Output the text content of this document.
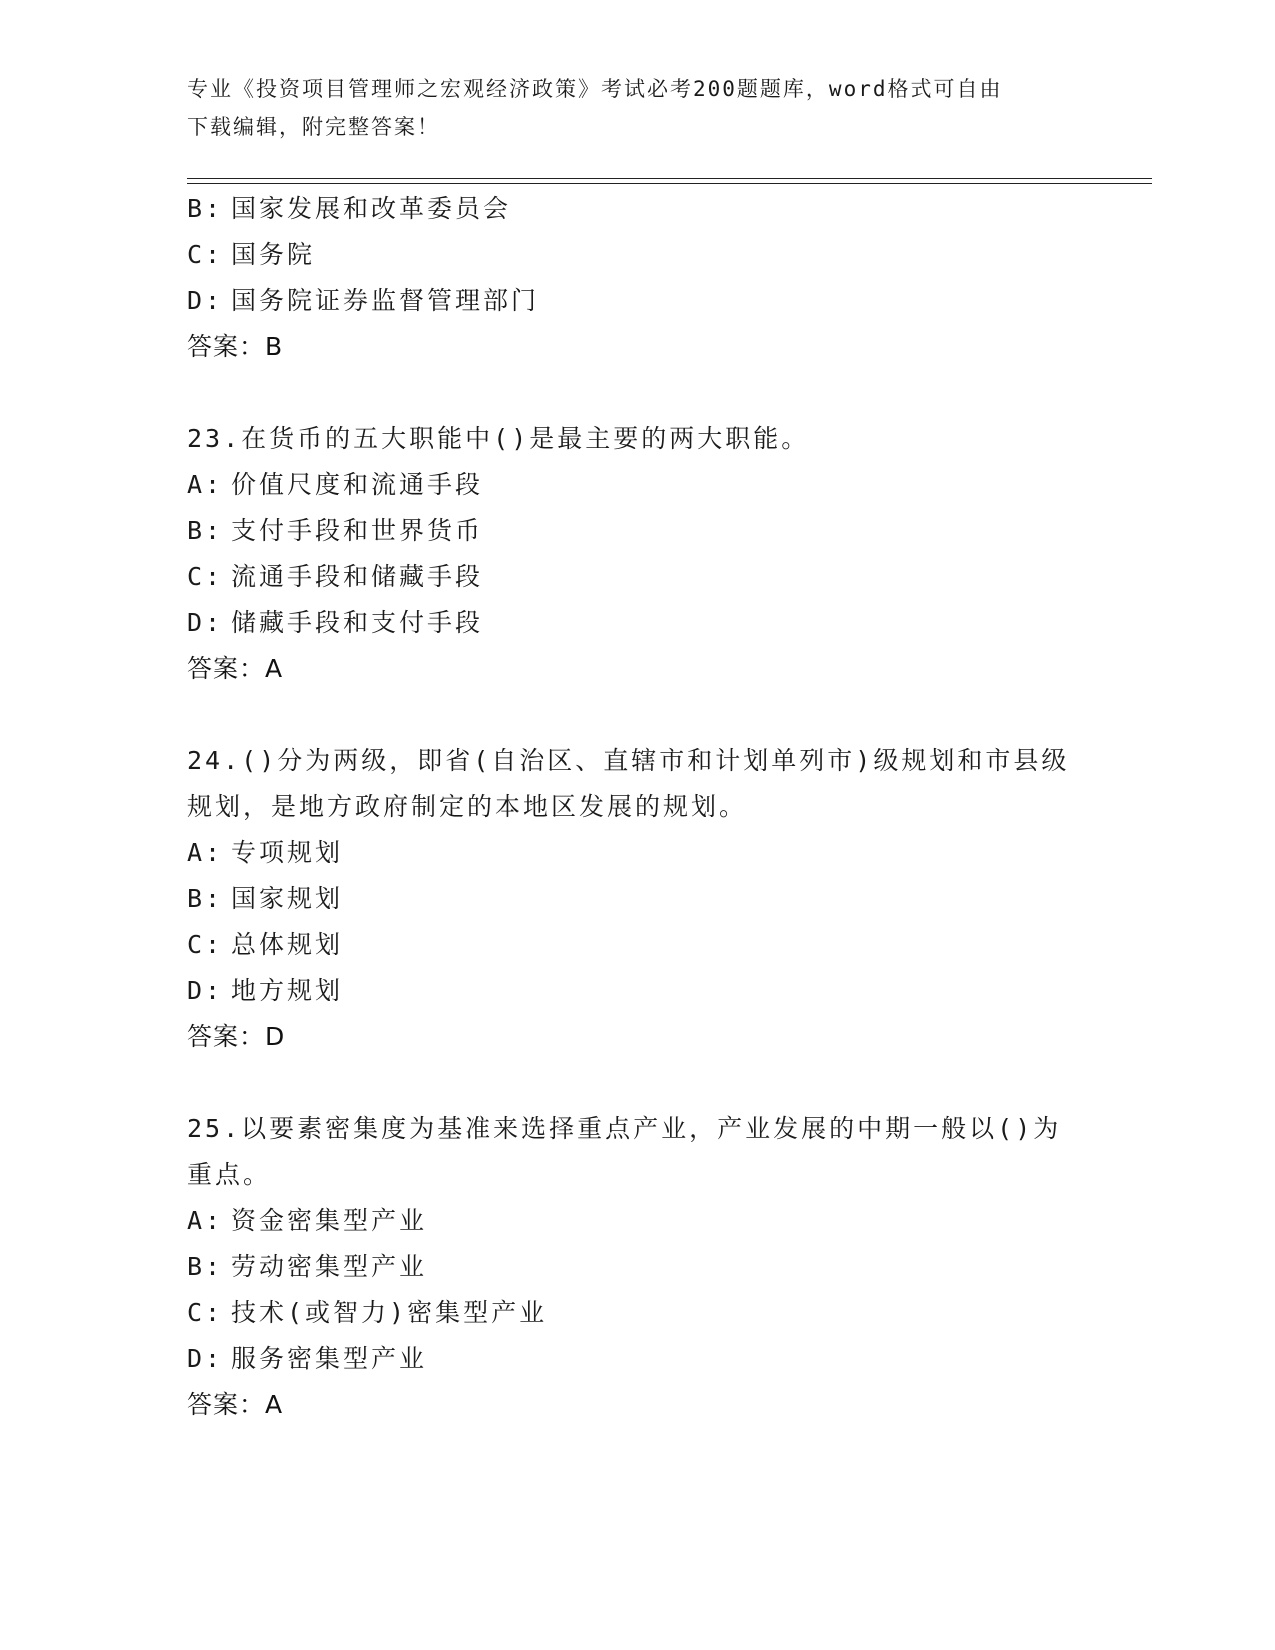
专业《投资项目管理师之宏观经济政策》考试必考200题题库，word格式可自由
下载编辑，附完整答案！
B: 国家发展和改革委员会
C: 国务院
D: 国务院证券监督管理部门
答案：B
23.在货币的五大职能中()是最主要的两大职能。
A: 价值尺度和流通手段
B: 支付手段和世界货币
C: 流通手段和储藏手段
D: 储藏手段和支付手段
答案：A
24.()分为两级，即省(自治区、直辖市和计划单列市)级规划和市县级规划，是地方政府制定的本地区发展的规划。
A: 专项规划
B: 国家规划
C: 总体规划
D: 地方规划
答案：D
25.以要素密集度为基准来选择重点产业，产业发展的中期一般以()为重点。
A: 资金密集型产业
B: 劳动密集型产业
C: 技术(或智力)密集型产业
D: 服务密集型产业
答案：A
